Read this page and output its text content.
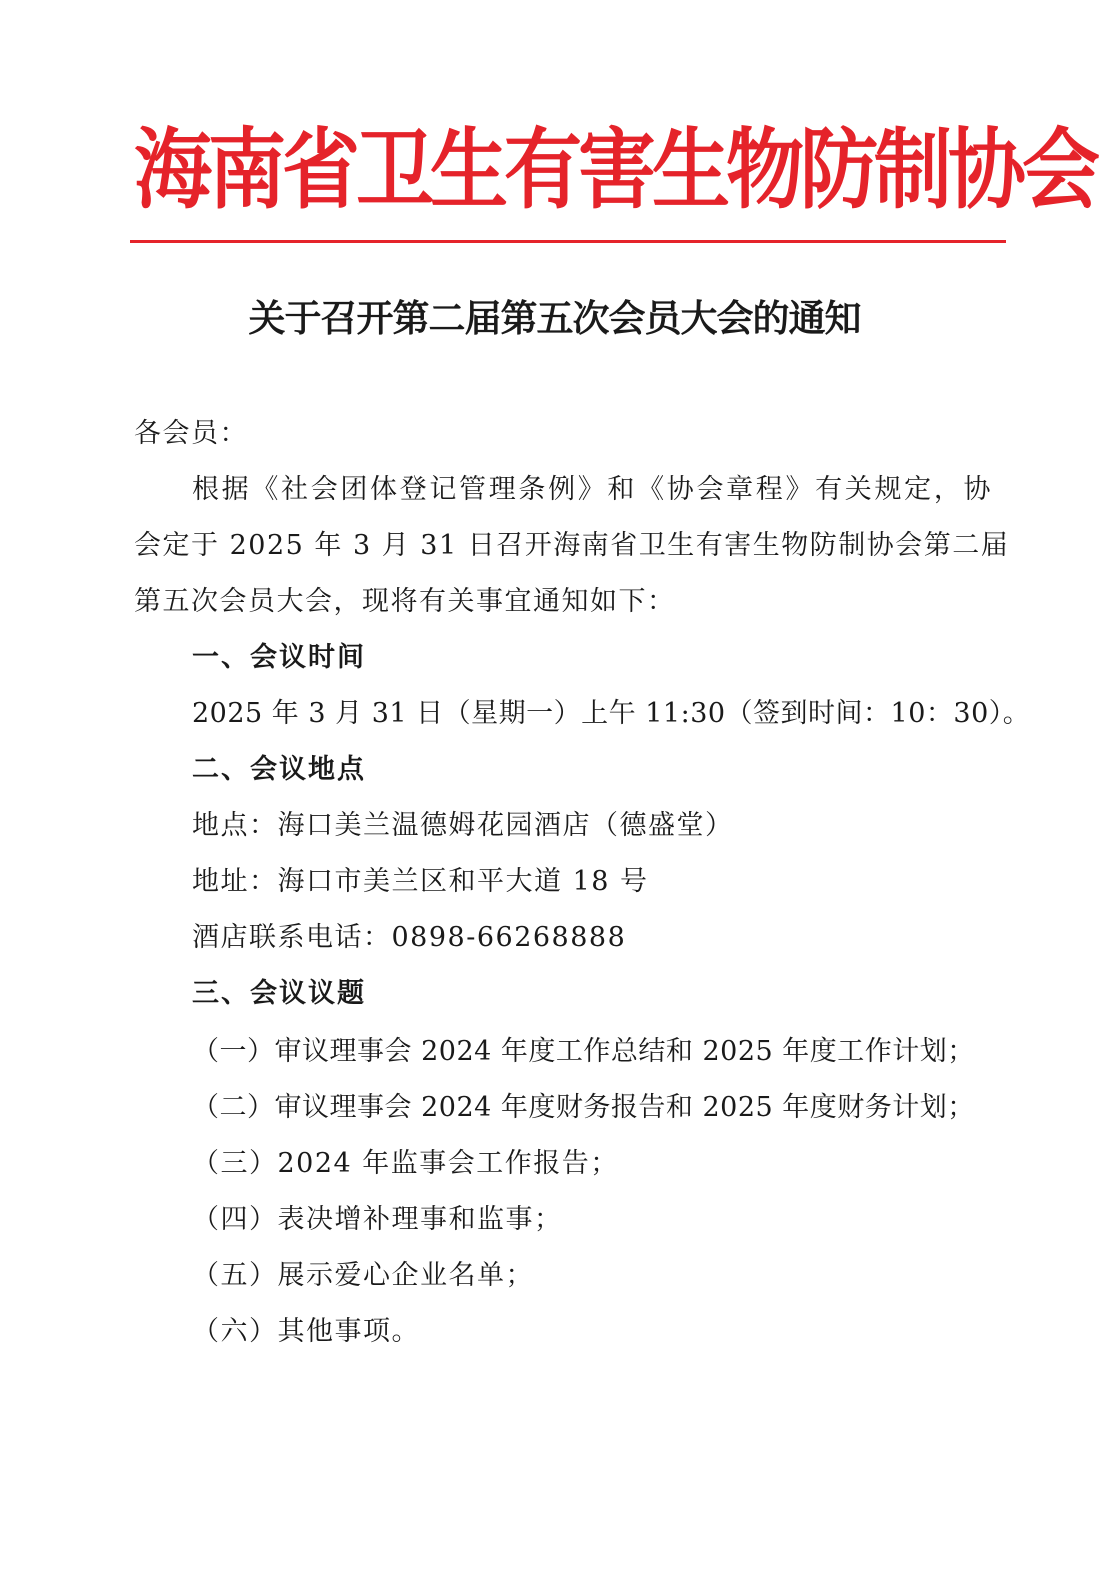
海南省卫生有害生物防制协会
关于召开第二届第五次会员大会的通知
各会员：
根据《社会团体登记管理条例》和《协会章程》有关规定，协
会定于 2025 年 3 月 31 日召开海南省卫生有害生物防制协会第二届
第五次会员大会，现将有关事宜通知如下：
一、会议时间
2025 年 3 月 31 日（星期一）上午 11:30（签到时间：10：30）。
二、会议地点
地点：海口美兰温德姆花园酒店（德盛堂）
地址：海口市美兰区和平大道 18 号
酒店联系电话：0898-66268888
三、会议议题
（一）审议理事会 2024 年度工作总结和 2025 年度工作计划；
（二）审议理事会 2024 年度财务报告和 2025 年度财务计划；
（三）2024 年监事会工作报告；
（四）表决增补理事和监事；
（五）展示爱心企业名单；
（六）其他事项。
